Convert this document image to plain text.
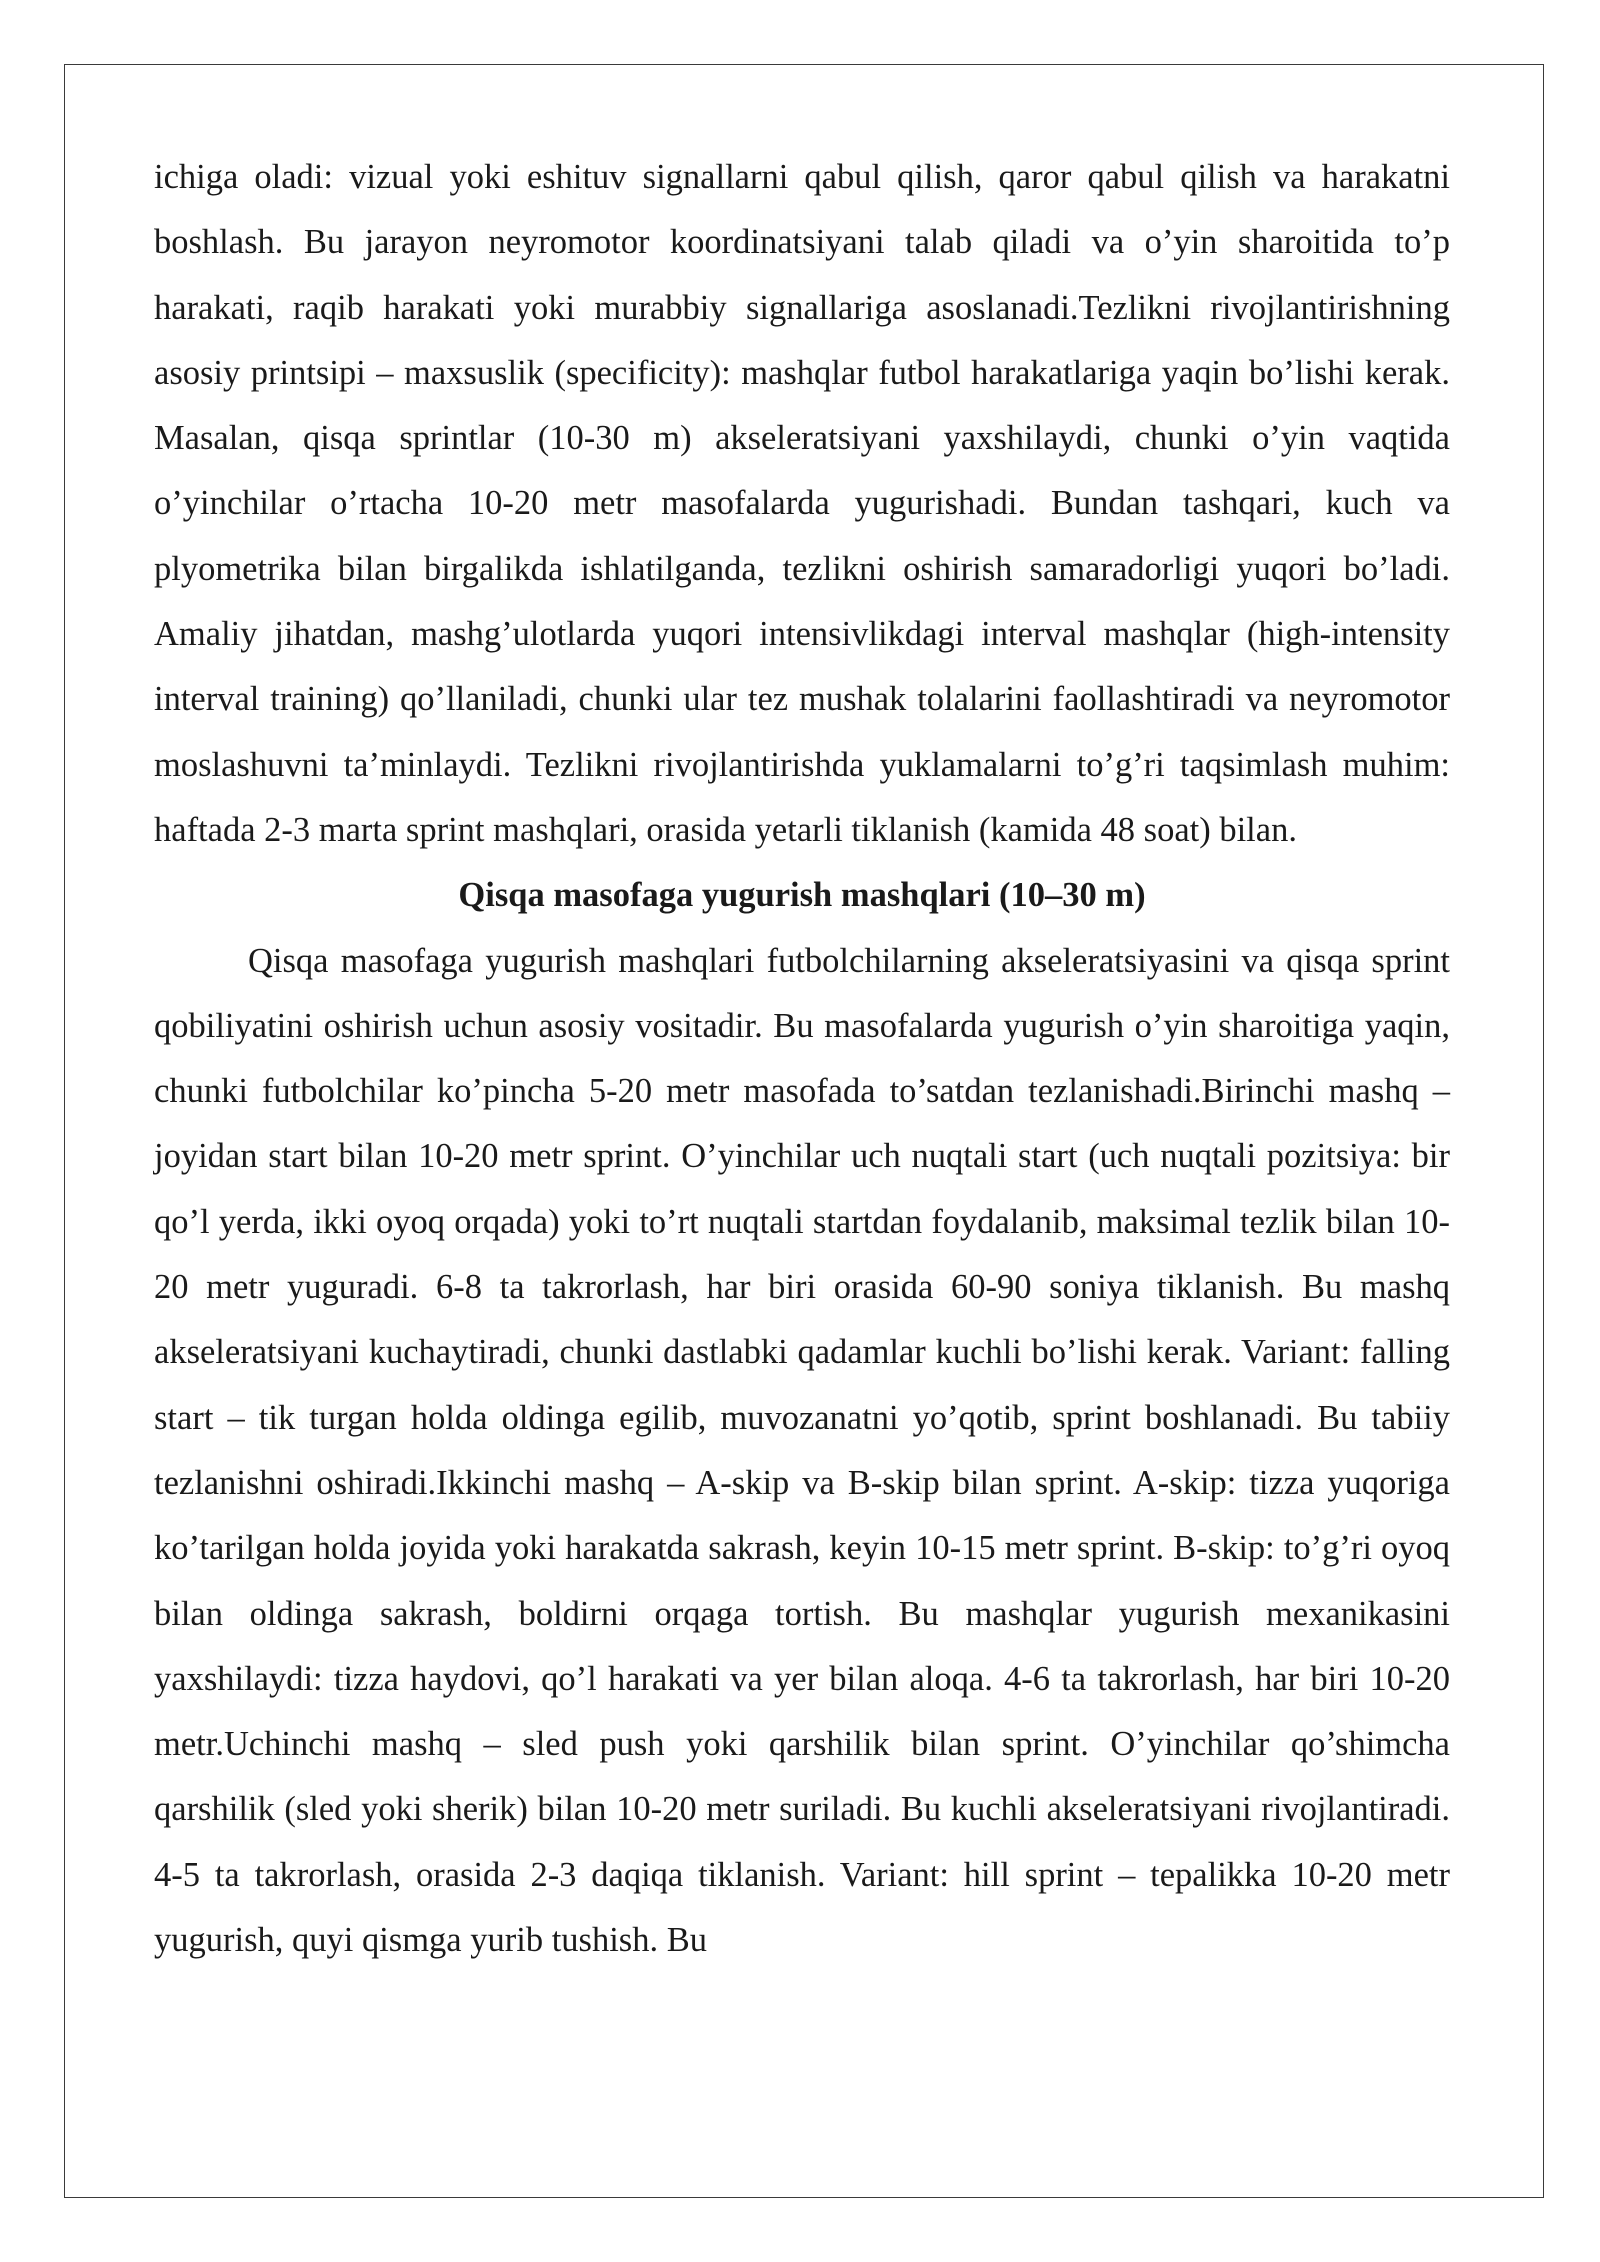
ichiga oladi: vizual yoki eshituv signallarni qabul qilish, qaror qabul qilish va harakatni boshlash. Bu jarayon neyromotor koordinatsiyani talab qiladi va o’yin sharoitida to’p harakati, raqib harakati yoki murabbiy signallariga asoslanadi.Tezlikni rivojlantirishning asosiy printsipi – maxsuslik (specificity): mashqlar futbol harakatlariga yaqin bo’lishi kerak. Masalan, qisqa sprintlar (10-30 m) akseleratsiyani yaxshilaydi, chunki o’yin vaqtida o’yinchilar o’rtacha 10-20 metr masofalarda yugurishadi. Bundan tashqari, kuch va plyometrika bilan birgalikda ishlatilganda, tezlikni oshirish samaradorligi yuqori bo’ladi. Amaliy jihatdan, mashg’ulotlarda yuqori intensivlikdagi interval mashqlar (high-intensity interval training) qo’llaniladi, chunki ular tez mushak tolalarini faollashtiradi va neyromotor moslashuvni ta’minlaydi. Tezlikni rivojlantirishda yuklamalarni to’g’ri taqsimlash muhim: haftada 2-3 marta sprint mashqlari, orasida yetarli tiklanish (kamida 48 soat) bilan.

Qisqa masofaga yugurish mashqlari (10–30 m)

Qisqa masofaga yugurish mashqlari futbolchilarning akseleratsiyasini va qisqa sprint qobiliyatini oshirish uchun asosiy vositadir. Bu masofalarda yugurish o’yin sharoitiga yaqin, chunki futbolchilar ko’pincha 5-20 metr masofada to’satdan tezlanishadi.Birinchi mashq – joyidan start bilan 10-20 metr sprint. O’yinchilar uch nuqtali start (uch nuqtali pozitsiya: bir qo’l yerda, ikki oyoq orqada) yoki to’rt nuqtali startdan foydalanib, maksimal tezlik bilan 10-20 metr yuguradi. 6-8 ta takrorlash, har biri orasida 60-90 soniya tiklanish. Bu mashq akseleratsiyani kuchaytiradi, chunki dastlabki qadamlar kuchli bo’lishi kerak. Variant: falling start – tik turgan holda oldinga egilib, muvozanatni yo’qotib, sprint boshlanadi. Bu tabiiy tezlanishni oshiradi.Ikkinchi mashq – A-skip va B-skip bilan sprint. A-skip: tizza yuqoriga ko’tarilgan holda joyida yoki harakatda sakrash, keyin 10-15 metr sprint. B-skip: to’g’ri oyoq bilan oldinga sakrash, boldirni orqaga tortish. Bu mashqlar yugurish mexanikasini yaxshilaydi: tizza haydovi, qo’l harakati va yer bilan aloqa. 4-6 ta takrorlash, har biri 10-20 metr.Uchinchi mashq – sled push yoki qarshilik bilan sprint. O’yinchilar qo’shimcha qarshilik (sled yoki sherik) bilan 10-20 metr suriladi. Bu kuchli akseleratsiyani rivojlantiradi. 4-5 ta takrorlash, orasida 2-3 daqiqa tiklanish. Variant: hill sprint – tepalikka 10-20 metr yugurish, quyi qismga yurib tushish. Bu
